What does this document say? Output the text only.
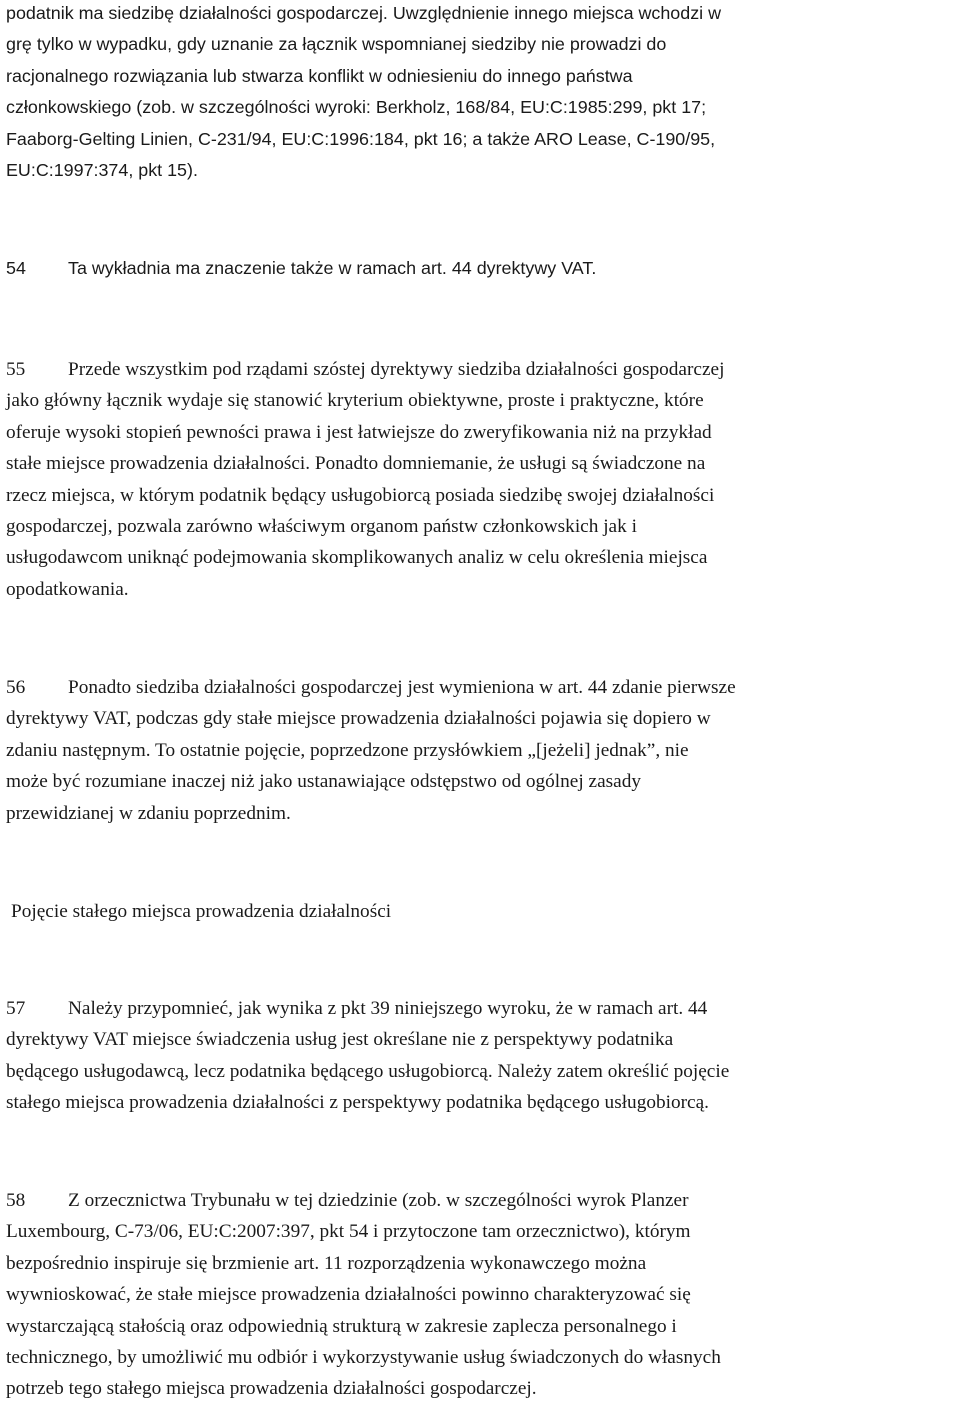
podatnik ma siedzibę działalności gospodarczej. Uwzględnienie innego miejsca wchodzi w
grę tylko w wypadku, gdy uznanie za łącznik wspomnianej siedziby nie prowadzi do
racjonalnego rozwiązania lub stwarza konflikt w odniesieniu do innego państwa
członkowskiego (zob. w szczególności wyroki: Berkholz, 168/84, EU:C:1985:299, pkt 17;
Faaborg-Gelting Linien, C‑231/94, EU:C:1996:184, pkt 16; a także ARO Lease, C‑190/95,
EU:C:1997:374, pkt 15).
54 Ta wykładnia ma znaczenie także w ramach art. 44 dyrektywy VAT.
55 Przede wszystkim pod rządami szóstej dyrektywy siedziba działalności gospodarczej
jako główny łącznik wydaje się stanowić kryterium obiektywne, proste i praktyczne, które
oferuje wysoki stopień pewności prawa i jest łatwiejsze do zweryfikowania niż na przykład
stałe miejsce prowadzenia działalności. Ponadto domniemanie, że usługi są świadczone na
rzecz miejsca, w którym podatnik będący usługobiorcą posiada siedzibę swojej działalności
gospodarczej, pozwala zarówno właściwym organom państw członkowskich jak i
usługodawcom uniknąć podejmowania skomplikowanych analiz w celu określenia miejsca
opodatkowania.
56 Ponadto siedziba działalności gospodarczej jest wymieniona w art. 44 zdanie pierwsze
dyrektywy VAT, podczas gdy stałe miejsce prowadzenia działalności pojawia się dopiero w
zdaniu następnym. To ostatnie pojęcie, poprzedzone przysłówkiem „[jeżeli] jednak”, nie
może być rozumiane inaczej niż jako ustanawiające odstępstwo od ogólnej zasady
przewidzianej w zdaniu poprzednim.
Pojęcie stałego miejsca prowadzenia działalności
57 Należy przypomnieć, jak wynika z pkt 39 niniejszego wyroku, że w ramach art. 44
dyrektywy VAT miejsce świadczenia usług jest określane nie z perspektywy podatnika
będącego usługodawcą, lecz podatnika będącego usługobiorcą. Należy zatem określić pojęcie
stałego miejsca prowadzenia działalności z perspektywy podatnika będącego usługobiorcą.
58 Z orzecznictwa Trybunału w tej dziedzinie (zob. w szczególności wyrok Planzer
Luxembourg, C‑73/06, EU:C:2007:397, pkt 54 i przytoczone tam orzecznictwo), którym
bezpośrednio inspiruje się brzmienie art. 11 rozporządzenia wykonawczego można
wywnioskować, że stałe miejsce prowadzenia działalności powinno charakteryzować się
wystarczającą stałością oraz odpowiednią strukturą w zakresie zaplecza personalnego i
technicznego, by umożliwić mu odbiór i wykorzystywanie usług świadczonych do własnych
potrzeb tego stałego miejsca prowadzenia działalności gospodarczej.
